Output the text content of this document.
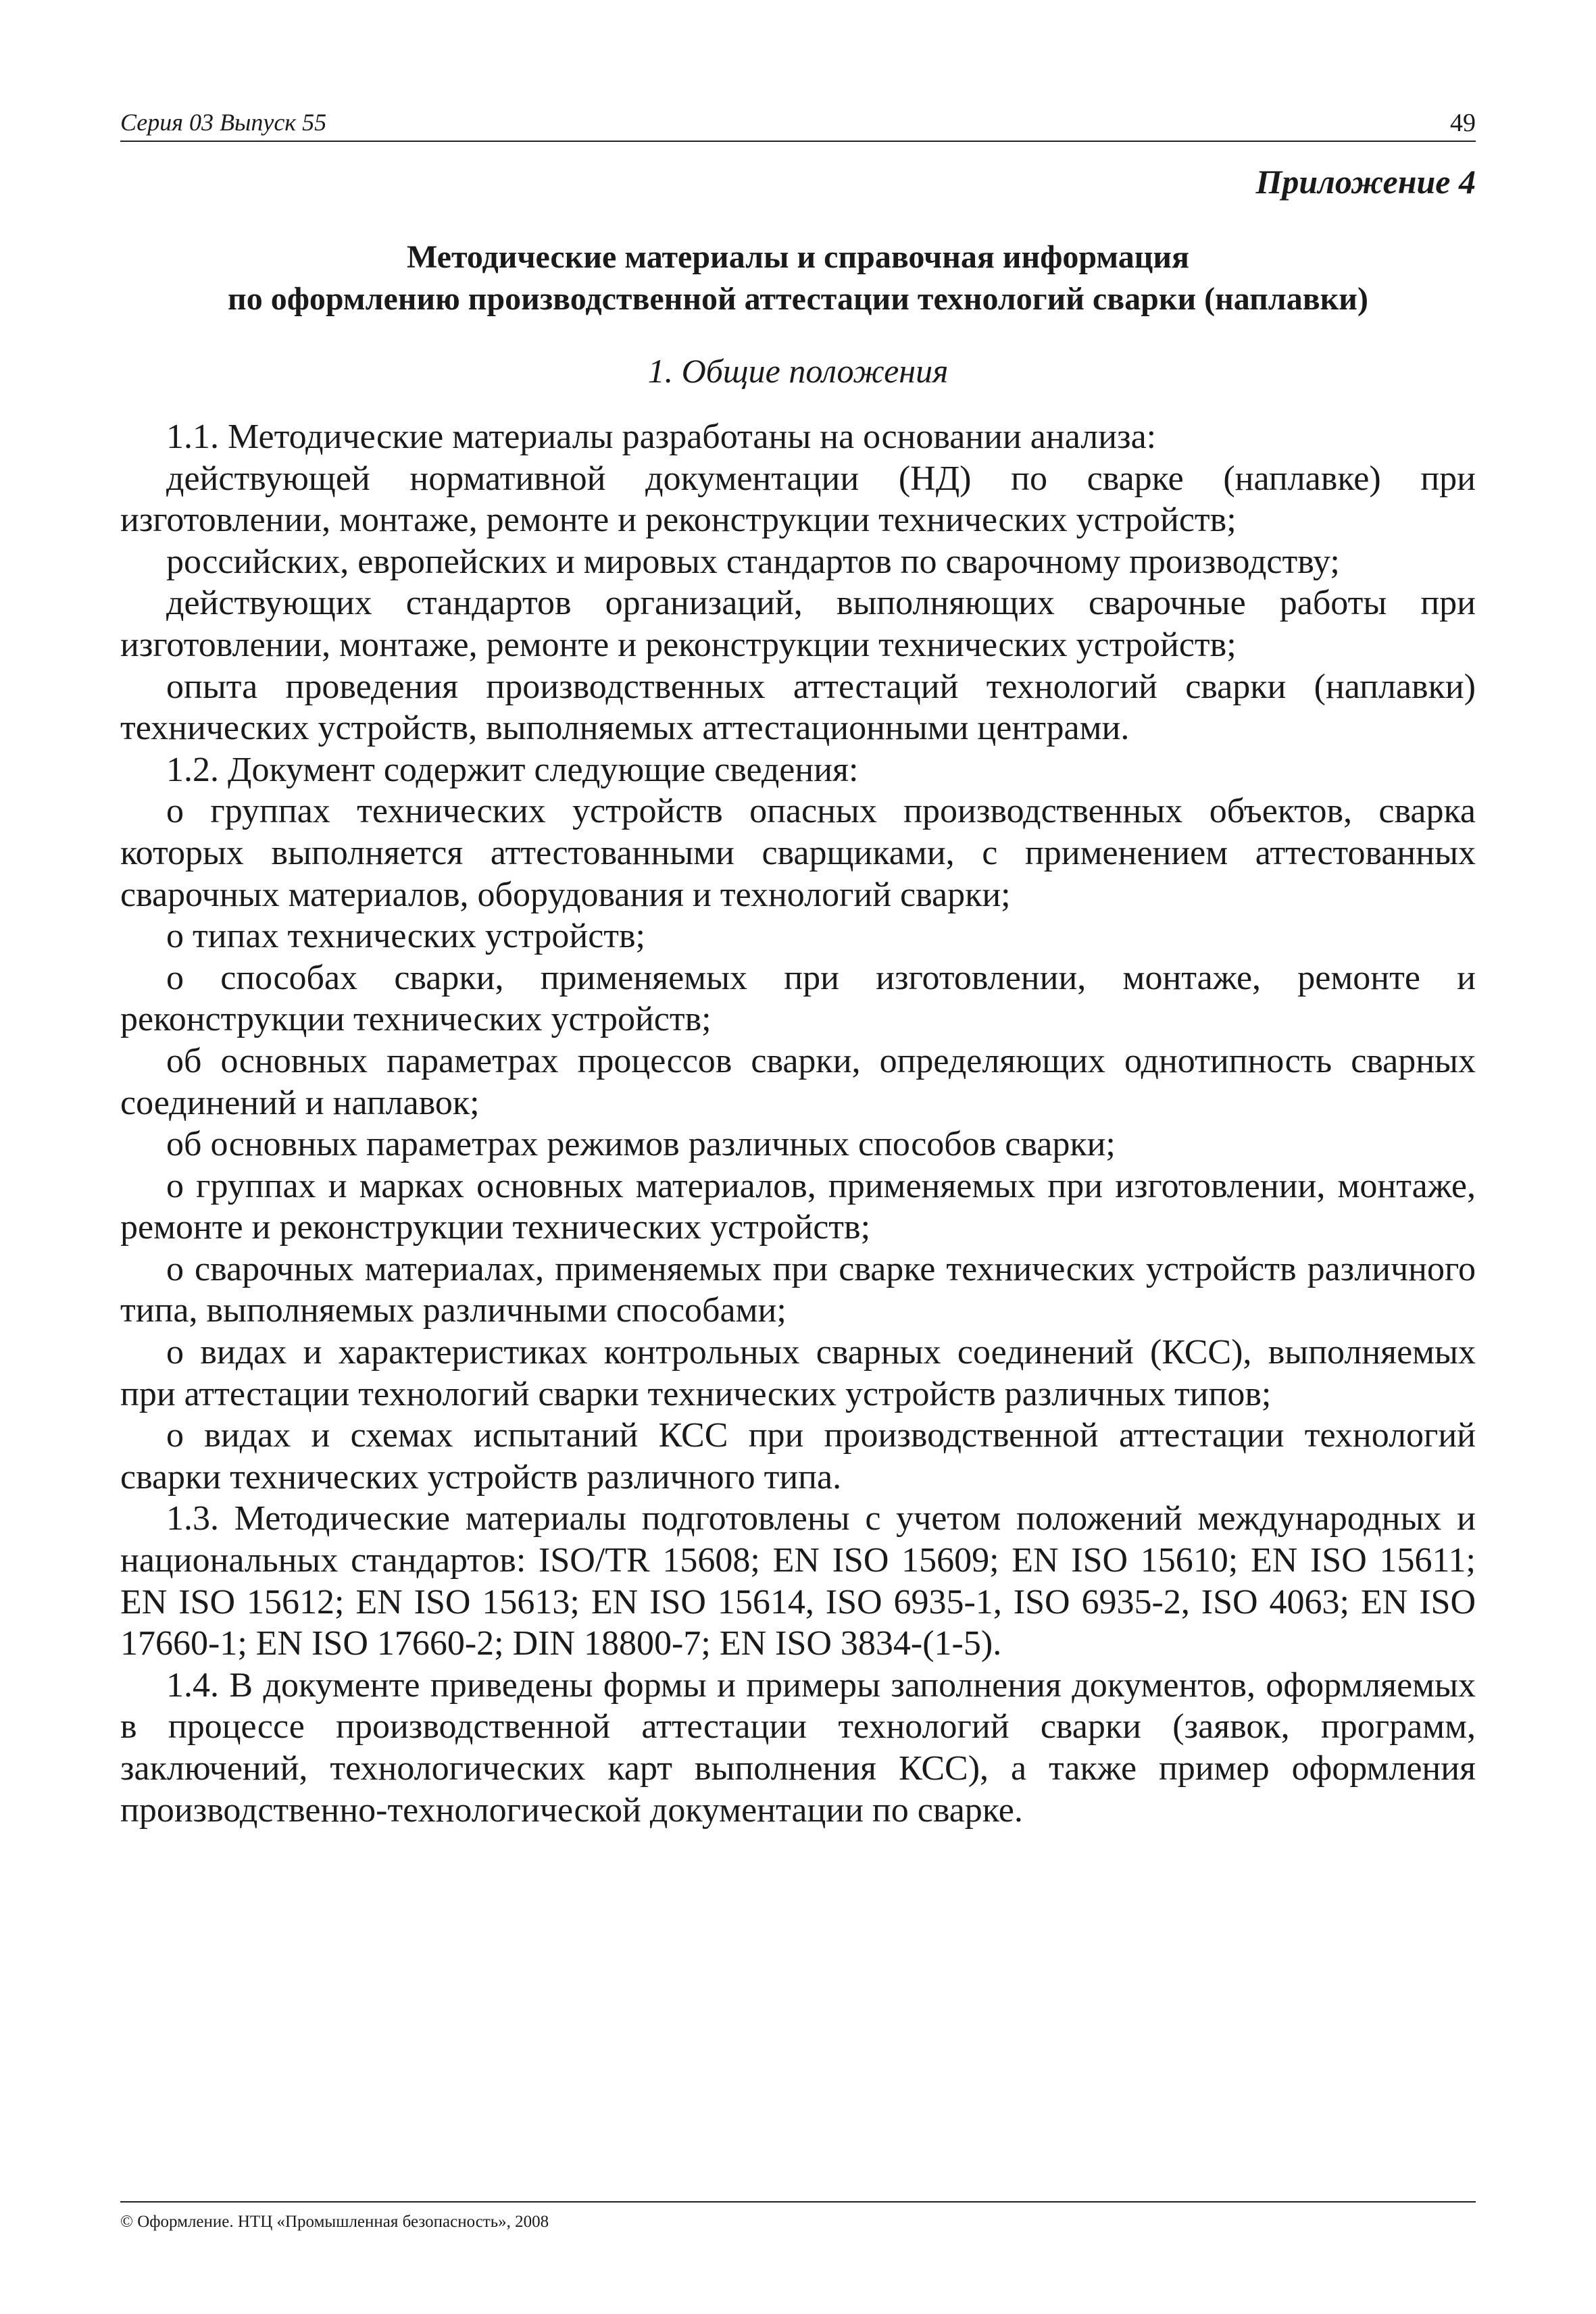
Серия 03 Выпуск 55	49
Приложение 4
Методические материалы и справочная информация
по оформлению производственной аттестации технологий сварки (наплавки)
1. Общие положения

1.1. Методические материалы разработаны на основании анализа:

действующей нормативной документации (НД) по сварке (наплавке) при изготовлении, монтаже, ремонте и реконструкции технических устройств;

российских, европейских и мировых стандартов по сварочному производству;

действующих стандартов организаций, выполняющих сварочные работы при изготовлении, монтаже, ремонте и реконструкции технических устройств;

опыта проведения производственных аттестаций технологий сварки (наплавки) технических устройств, выполняемых аттестационными центрами.

1.2. Документ содержит следующие сведения:

о группах технических устройств опасных производственных объектов, сварка которых выполняется аттестованными сварщиками, с применением аттестованных сварочных материалов, оборудования и технологий сварки;

о типах технических устройств;

о способах сварки, применяемых при изготовлении, монтаже, ремонте и реконструкции технических устройств;

об основных параметрах процессов сварки, определяющих однотипность сварных соединений и наплавок;

об основных параметрах режимов различных способов сварки;

о группах и марках основных материалов, применяемых при изготовлении, монтаже, ремонте и реконструкции технических устройств;

о сварочных материалах, применяемых при сварке технических устройств различного типа, выполняемых различными способами;

о видах и характеристиках контрольных сварных соединений (КСС), выполняемых при аттестации технологий сварки технических устройств различных типов;

о видах и схемах испытаний КСС при производственной аттестации технологий сварки технических устройств различного типа.

1.3. Методические материалы подготовлены с учетом положений международных и национальных стандартов: ISO/TR 15608; EN ISO 15609; EN ISO 15610; EN ISO 15611; EN ISO 15612; EN ISO 15613; EN ISO 15614, ISO 6935-1, ISO 6935-2, ISO 4063; EN ISO 17660-1; EN ISO 17660-2; DIN 18800-7; EN ISO 3834-(1-5).

1.4. В документе приведены формы и примеры заполнения документов, оформляемых в процессе производственной аттестации технологий сварки (заявок, программ, заключений, технологических карт выполнения КСС), а также пример оформления производственно-технологической документации по сварке.

© Оформление. НТЦ «Промышленная безопасность», 2008
